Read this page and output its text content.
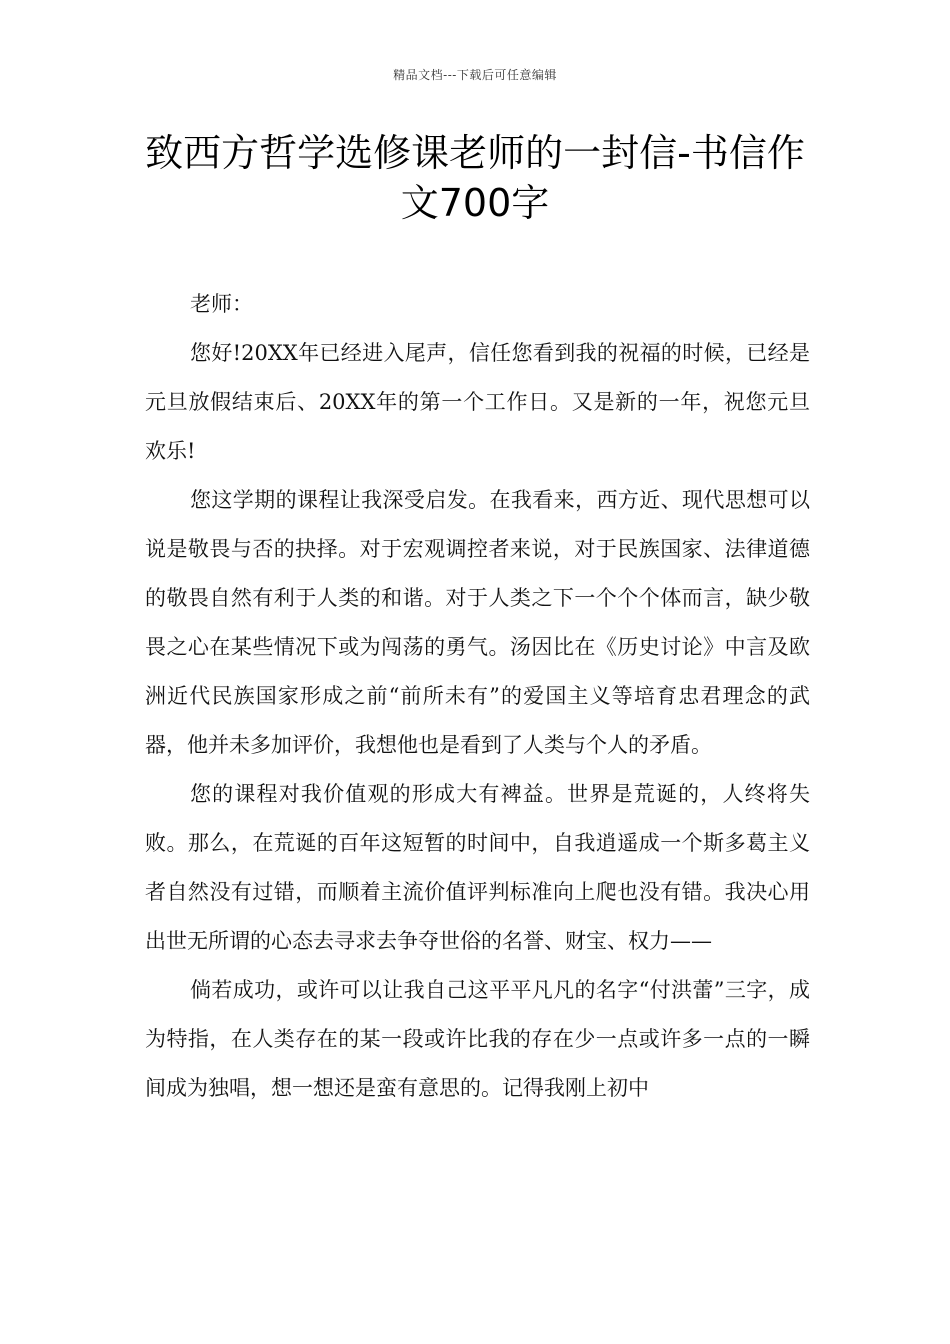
精品文档---下载后可任意编辑
致西方哲学选修课老师的一封信-书信作文700字

老师：

您好!20XX年已经进入尾声，信任您看到我的祝福的时候，已经是元旦放假结束后、20XX年的第一个工作日。又是新的一年，祝您元旦欢乐!

您这学期的课程让我深受启发。在我看来，西方近、现代思想可以说是敬畏与否的抉择。对于宏观调控者来说，对于民族国家、法律道德的敬畏自然有利于人类的和谐。对于人类之下一个个个体而言，缺少敬畏之心在某些情况下或为闯荡的勇气。汤因比在《历史讨论》中言及欧洲近代民族国家形成之前“前所未有”的爱国主义等培育忠君理念的武器，他并未多加评价，我想他也是看到了人类与个人的矛盾。

您的课程对我价值观的形成大有裨益。世界是荒诞的，人终将失败。那么，在荒诞的百年这短暂的时间中，自我逍遥成一个斯多葛主义者自然没有过错，而顺着主流价值评判标准向上爬也没有错。我决心用出世无所谓的心态去寻求去争夺世俗的名誉、财宝、权力——

倘若成功，或许可以让我自己这平平凡凡的名字“付洪蕾”三字，成为特指，在人类存在的某一段或许比我的存在少一点或许多一点的一瞬间成为独唱，想一想还是蛮有意思的。记得我刚上初中
